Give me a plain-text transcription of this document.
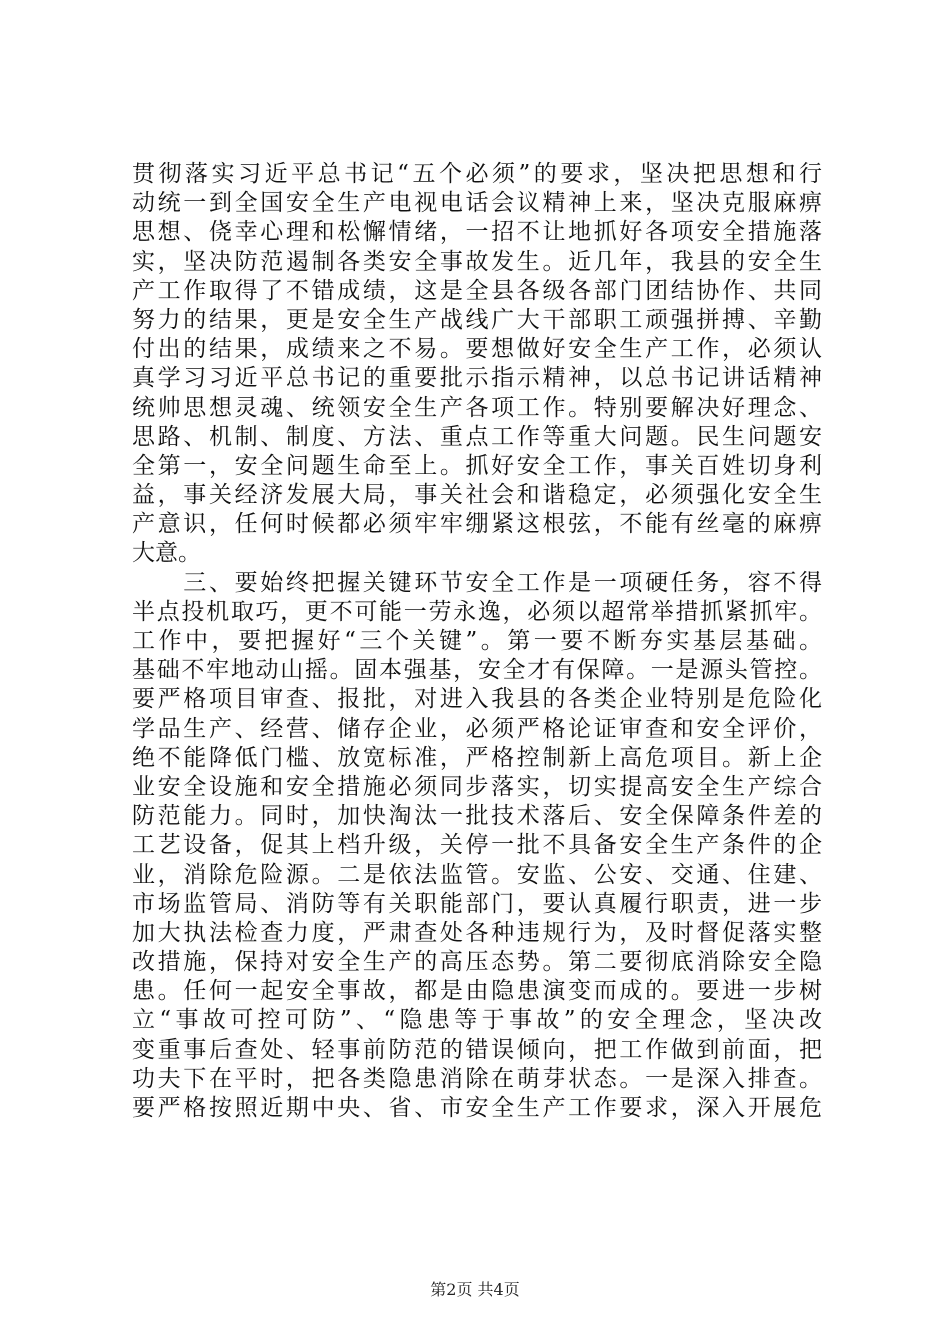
贯彻落实习近平总书记“五个必须”的要求，坚决把思想和行
动统一到全国安全生产电视电话会议精神上来，坚决克服麻痹
思想、侥幸心理和松懈情绪，一招不让地抓好各项安全措施落
实，坚决防范遏制各类安全事故发生。近几年，我县的安全生
产工作取得了不错成绩，这是全县各级各部门团结协作、共同
努力的结果，更是安全生产战线广大干部职工顽强拼搏、辛勤
付出的结果，成绩来之不易。要想做好安全生产工作，必须认
真学习习近平总书记的重要批示指示精神，以总书记讲话精神
统帅思想灵魂、统领安全生产各项工作。特别要解决好理念、
思路、机制、制度、方法、重点工作等重大问题。民生问题安
全第一，安全问题生命至上。抓好安全工作，事关百姓切身利
益，事关经济发展大局，事关社会和谐稳定，必须强化安全生
产意识，任何时候都必须牢牢绷紧这根弦，不能有丝毫的麻痹
大意。
　　三、要始终把握关键环节安全工作是一项硬任务，容不得
半点投机取巧，更不可能一劳永逸，必须以超常举措抓紧抓牢。
工作中，要把握好“三个关键”。第一要不断夯实基层基础。
基础不牢地动山摇。固本强基，安全才有保障。一是源头管控。
要严格项目审查、报批，对进入我县的各类企业特别是危险化
学品生产、经营、储存企业，必须严格论证审查和安全评价，
绝不能降低门槛、放宽标准，严格控制新上高危项目。新上企
业安全设施和安全措施必须同步落实，切实提高安全生产综合
防范能力。同时，加快淘汰一批技术落后、安全保障条件差的
工艺设备，促其上档升级，关停一批不具备安全生产条件的企
业，消除危险源。二是依法监管。安监、公安、交通、住建、
市场监管局、消防等有关职能部门，要认真履行职责，进一步
加大执法检查力度，严肃查处各种违规行为，及时督促落实整
改措施，保持对安全生产的高压态势。第二要彻底消除安全隐
患。任何一起安全事故，都是由隐患演变而成的。要进一步树
立“事故可控可防”、“隐患等于事故”的安全理念，坚决改
变重事后查处、轻事前防范的错误倾向，把工作做到前面，把
功夫下在平时，把各类隐患消除在萌芽状态。一是深入排查。
要严格按照近期中央、省、市安全生产工作要求，深入开展危
第2页 共4页
